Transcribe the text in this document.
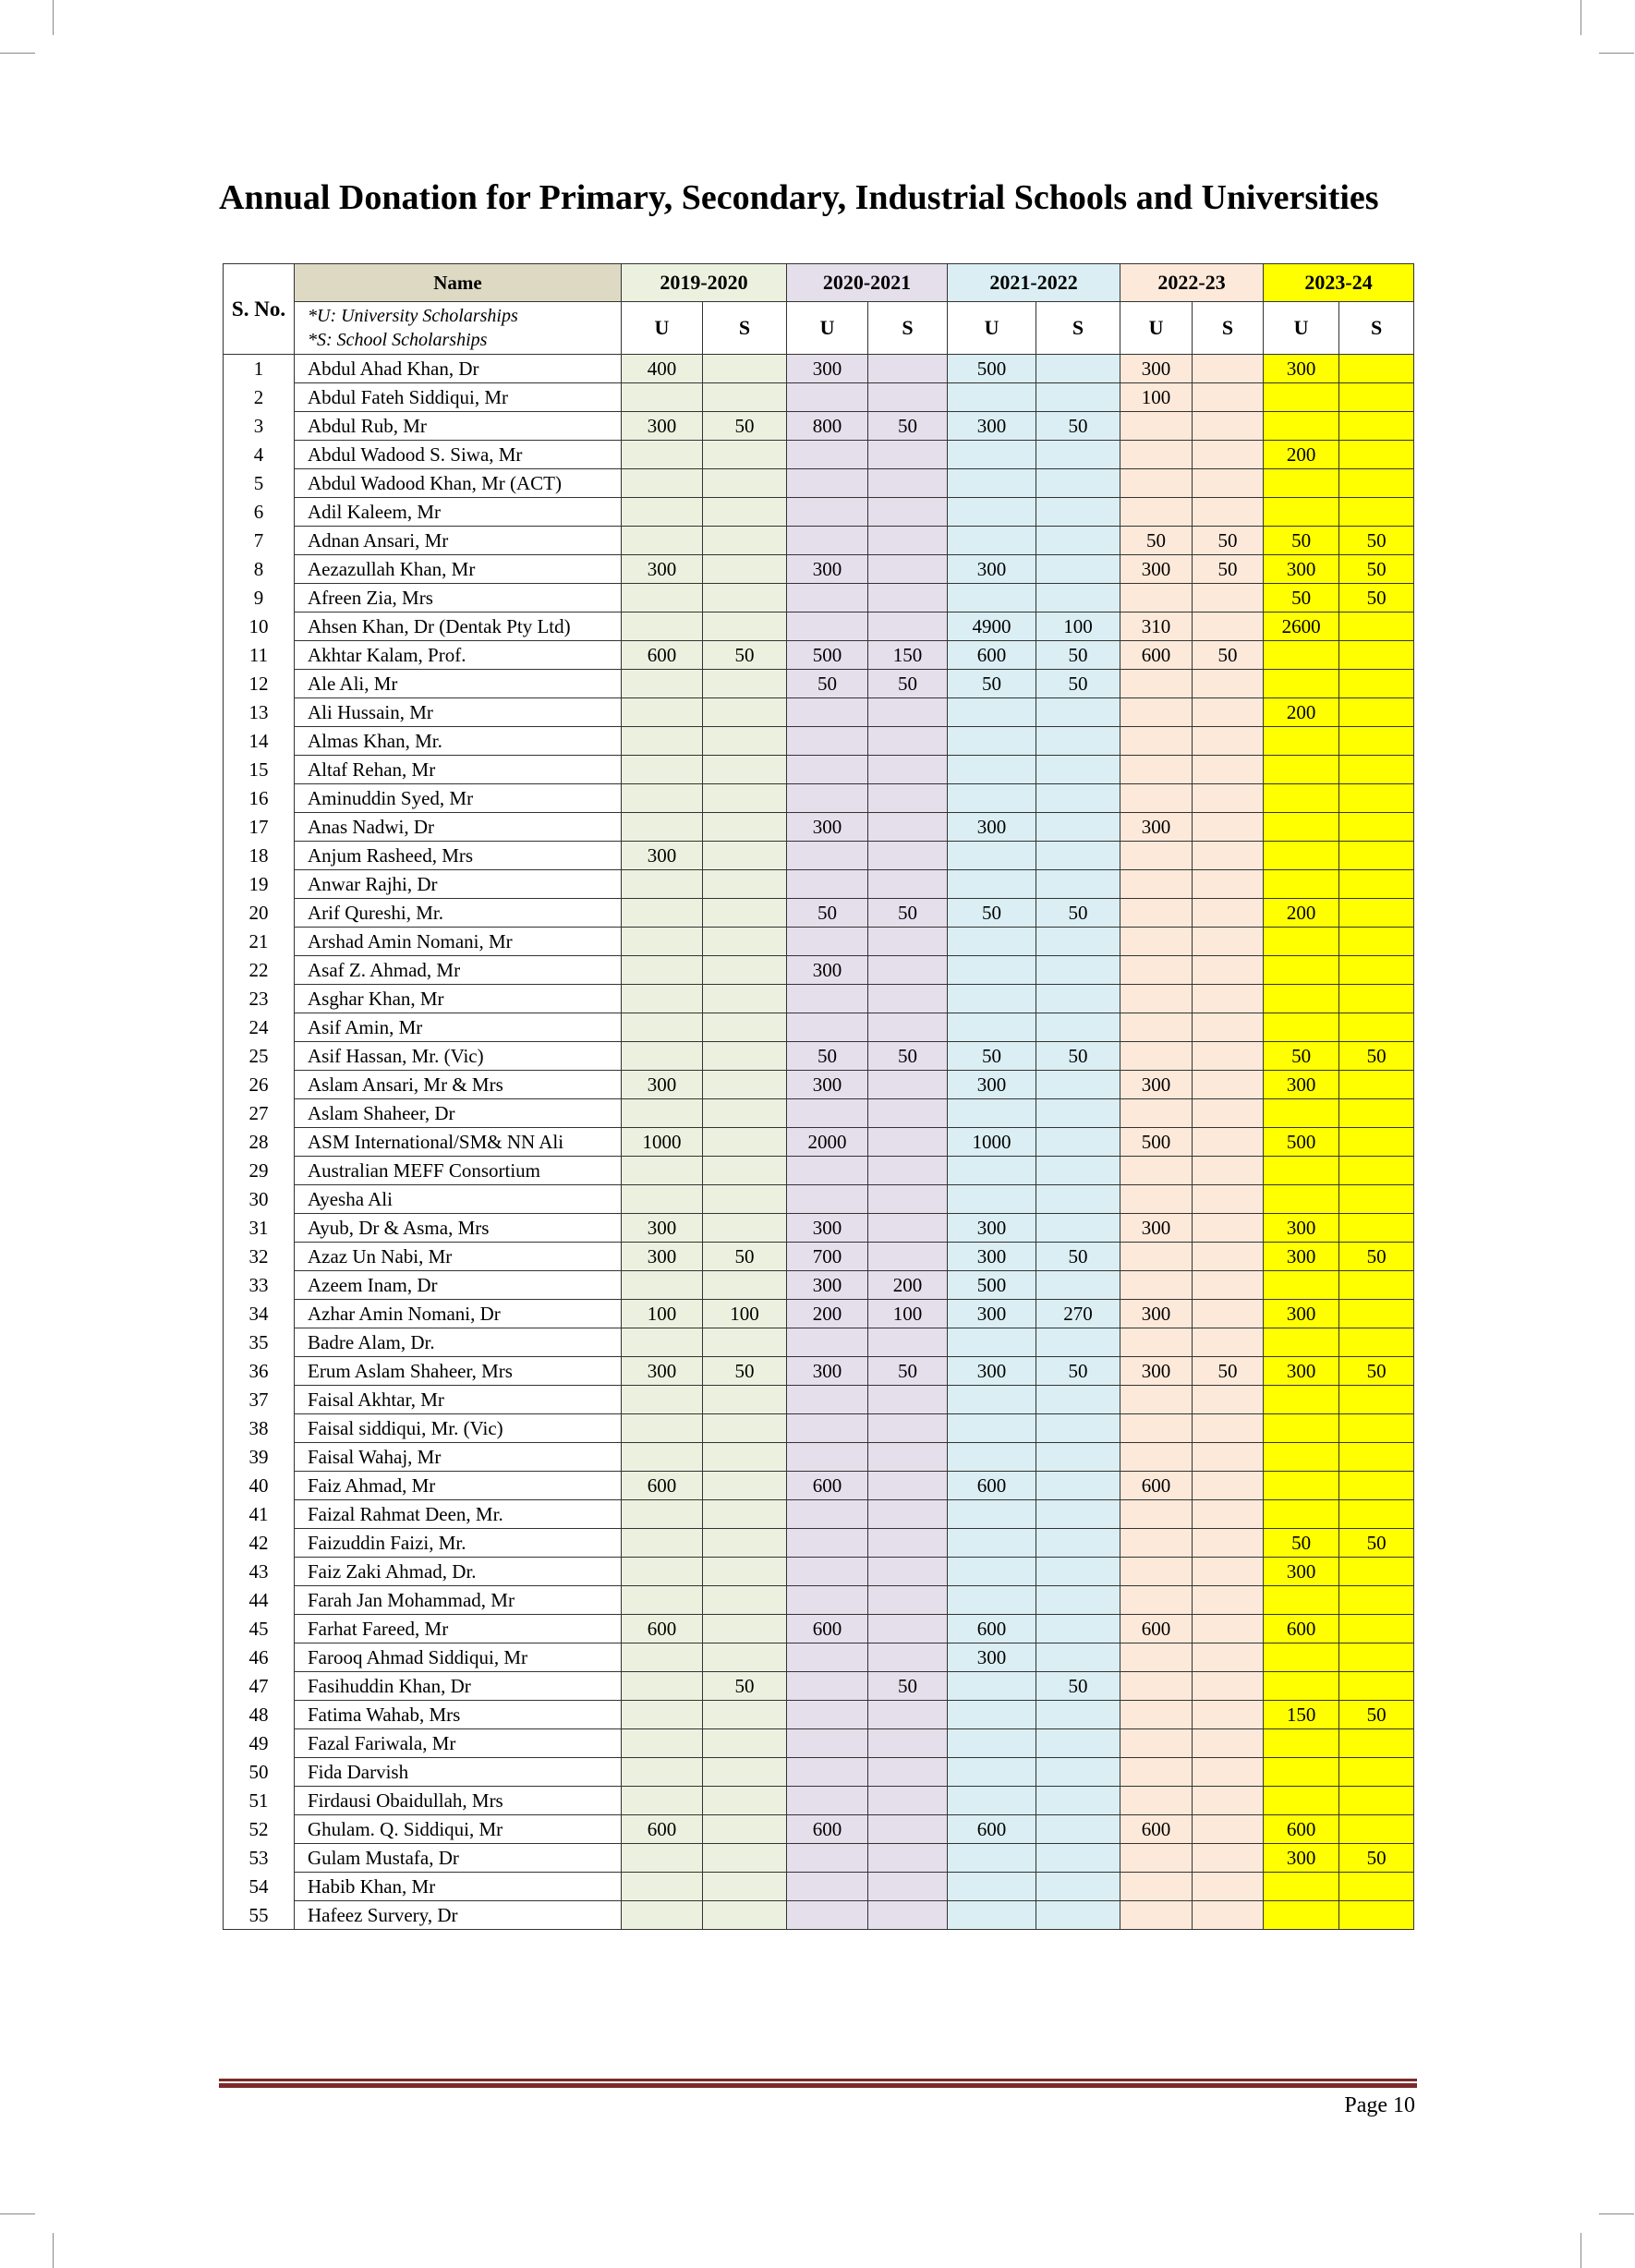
Annual Donation for Primary, Secondary, Industrial Schools and Universities
S. No.	Name	2019-2020		2020-2021		2021-2022		2022-23		2023-24	

	*U: University Scholarships
*S: School Scholarships	U	S	U	S	U	S	U	S	U	S
1	Abdul Ahad Khan, Dr	400		300		500		300		300	
2	Abdul Fateh Siddiqui, Mr							100			
3	Abdul Rub, Mr	300	50	800	50	300	50				
4	Abdul Wadood S. Siwa, Mr									200	
5	Abdul Wadood Khan, Mr (ACT)										
6	Adil Kaleem, Mr										
7	Adnan Ansari, Mr							50	50	50	50
8	Aezazullah Khan, Mr	300		300		300		300	50	300	50
9	Afreen Zia, Mrs									50	50
10	Ahsen Khan, Dr (Dentak Pty Ltd)					4900	100	310		2600	
11	Akhtar Kalam, Prof.	600	50	500	150	600	50	600	50		
12	Ale Ali, Mr			50	50	50	50				
13	Ali Hussain, Mr									200	
14	Almas Khan, Mr.										
15	Altaf Rehan, Mr										
16	Aminuddin Syed, Mr										
17	Anas Nadwi, Dr			300		300		300			
18	Anjum Rasheed, Mrs	300									
19	Anwar Rajhi, Dr										
20	Arif Qureshi, Mr.			50	50	50	50			200	
21	Arshad Amin Nomani, Mr										
22	Asaf Z. Ahmad, Mr			300							
23	Asghar Khan, Mr										
24	Asif Amin, Mr										
25	Asif Hassan, Mr. (Vic)			50	50	50	50			50	50
26	Aslam Ansari, Mr & Mrs	300		300		300		300		300	
27	Aslam Shaheer, Dr										
28	ASM International/SM& NN Ali	1000		2000		1000		500		500	
29	Australian MEFF Consortium										
30	Ayesha Ali										
31	Ayub, Dr & Asma, Mrs	300		300		300		300		300	
32	Azaz Un Nabi, Mr	300	50	700		300	50			300	50
33	Azeem Inam, Dr			300	200	500					
34	Azhar Amin Nomani, Dr	100	100	200	100	300	270	300		300	
35	Badre Alam, Dr.										
36	Erum Aslam Shaheer, Mrs	300	50	300	50	300	50	300	50	300	50
37	Faisal Akhtar, Mr										
38	Faisal siddiqui, Mr. (Vic)										
39	Faisal Wahaj, Mr										
40	Faiz Ahmad, Mr	600		600		600		600			
41	Faizal Rahmat Deen, Mr.										
42	Faizuddin Faizi, Mr.									50	50
43	Faiz Zaki Ahmad, Dr.									300	
44	Farah Jan Mohammad, Mr										
45	Farhat Fareed, Mr	600		600		600		600		600	
46	Farooq Ahmad Siddiqui, Mr					300					
47	Fasihuddin Khan, Dr		50		50		50				
48	Fatima Wahab, Mrs									150	50
49	Fazal Fariwala, Mr										
50	Fida Darvish										
51	Firdausi Obaidullah, Mrs										
52	Ghulam. Q. Siddiqui, Mr	600		600		600		600		600	
53	Gulam Mustafa, Dr									300	50
54	Habib Khan, Mr										
55	Hafeez Survery, Dr										
Page 10
